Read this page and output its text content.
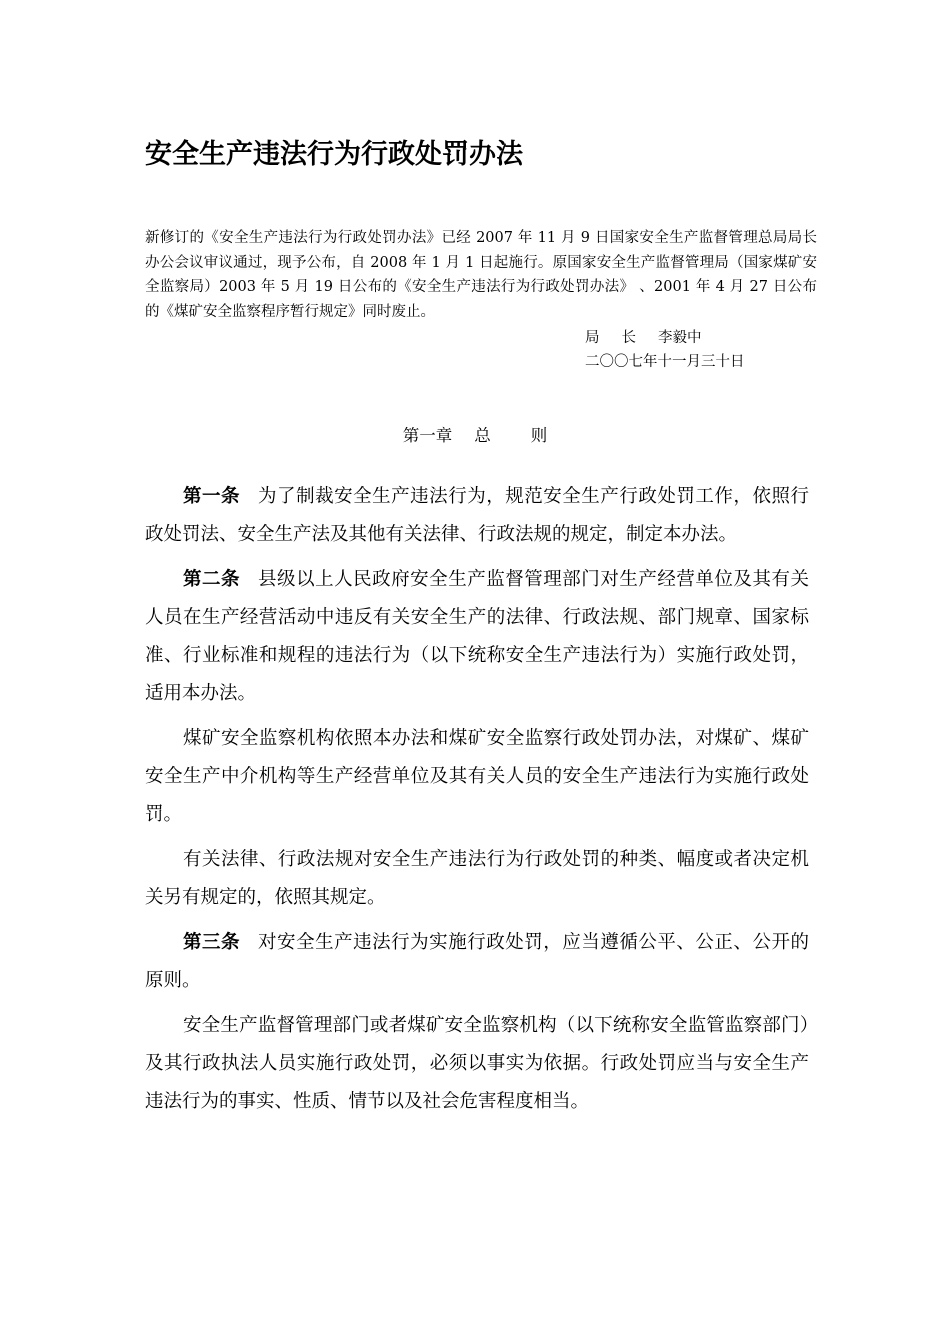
安全生产违法行为行政处罚办法
新修订的《安全生产违法行为行政处罚办法》已经 2007 年 11 月 9 日国家安全生产监督管理总局局长办公会议审议通过，现予公布，自 2008 年 1 月 1 日起施行。原国家安全生产监督管理局（国家煤矿安全监察局）2003 年 5 月 19 日公布的《安全生产违法行为行政处罚办法》 、2001 年 4 月 27 日公布的《煤矿安全监察程序暂行规定》同时废止。
局 长 李毅中
二〇〇七年十一月三十日
第一章 总 则

第一条 为了制裁安全生产违法行为，规范安全生产行政处罚工作，依照行政处罚法、安全生产法及其他有关法律、行政法规的规定，制定本办法。

第二条 县级以上人民政府安全生产监督管理部门对生产经营单位及其有关人员在生产经营活动中违反有关安全生产的法律、行政法规、部门规章、国家标准、行业标准和规程的违法行为（以下统称安全生产违法行为）实施行政处罚，适用本办法。

煤矿安全监察机构依照本办法和煤矿安全监察行政处罚办法，对煤矿、煤矿安全生产中介机构等生产经营单位及其有关人员的安全生产违法行为实施行政处罚。

有关法律、行政法规对安全生产违法行为行政处罚的种类、幅度或者决定机关另有规定的，依照其规定。

第三条 对安全生产违法行为实施行政处罚，应当遵循公平、公正、公开的原则。

安全生产监督管理部门或者煤矿安全监察机构（以下统称安全监管监察部门）及其行政执法人员实施行政处罚，必须以事实为依据。行政处罚应当与安全生产违法行为的事实、性质、情节以及社会危害程度相当。
